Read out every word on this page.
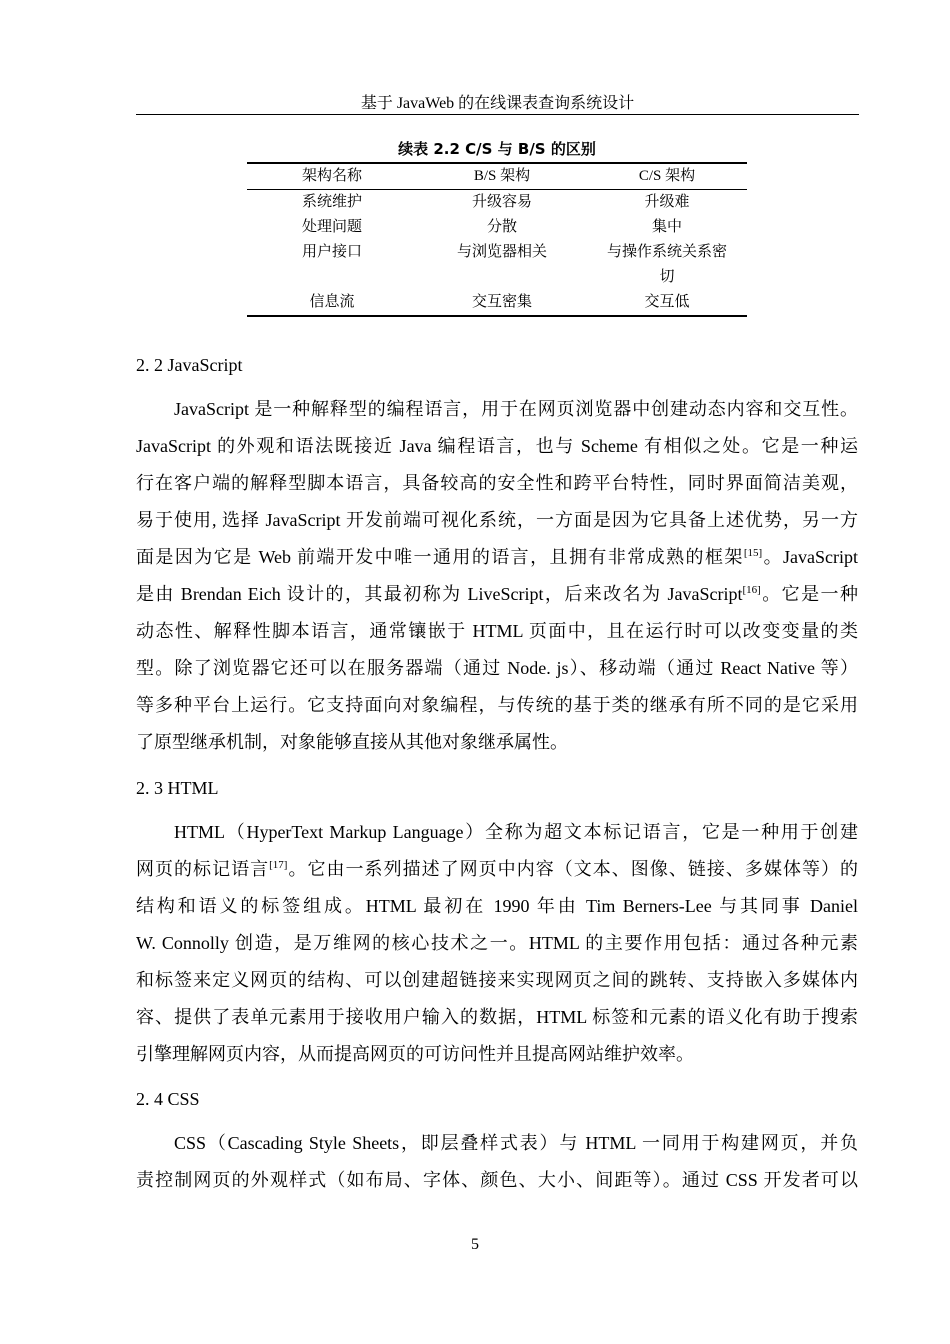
基于 JavaWeb 的在线课表查询系统设计
续表 2.2 C/S 与 B/S 的区别
架构名称	B/S 架构	C/S 架构
系统维护	升级容易	升级难
处理问题	分散	集中
用户接口	与浏览器相关	与操作系统关系密
		切
信息流	交互密集	交互低
2. 2 JavaScript
JavaScript 是一种解释型的编程语言，用于在网页浏览器中创建动态内容和交互性。
JavaScript 的外观和语法既接近 Java 编程语言，也与 Scheme 有相似之处。它是一种运
行在客户端的解释型脚本语言，具备较高的安全性和跨平台特性，同时界面简洁美观，
易于使用, 选择 JavaScript 开发前端可视化系统，一方面是因为它具备上述优势，另一方
面是因为它是 Web 前端开发中唯一通用的语言，且拥有非常成熟的框架[15]。JavaScript
是由 Brendan Eich 设计的，其最初称为 LiveScript，后来改名为 JavaScript[16]。它是一种
动态性、解释性脚本语言，通常镶嵌于 HTML 页面中，且在运行时可以改变变量的类
型。除了浏览器它还可以在服务器端（通过 Node. js）、移动端（通过 React Native 等）
等多种平台上运行。它支持面向对象编程，与传统的基于类的继承有所不同的是它采用
了原型继承机制，对象能够直接从其他对象继承属性。
2. 3 HTML
HTML（HyperText Markup Language）全称为超文本标记语言，它是一种用于创建
网页的标记语言[17]。它由一系列描述了网页中内容（文本、图像、链接、多媒体等）的
结构和语义的标签组成。HTML 最初在 1990 年由 Tim Berners-Lee 与其同事 Daniel
W. Connolly 创造，是万维网的核心技术之一。HTML 的主要作用包括：通过各种元素
和标签来定义网页的结构、可以创建超链接来实现网页之间的跳转、支持嵌入多媒体内
容、提供了表单元素用于接收用户输入的数据，HTML 标签和元素的语义化有助于搜索
引擎理解网页内容，从而提高网页的可访问性并且提高网站维护效率。
2. 4 CSS
CSS（Cascading Style Sheets，即层叠样式表）与 HTML 一同用于构建网页，并负
责控制网页的外观样式（如布局、字体、颜色、大小、间距等）。通过 CSS 开发者可以
5
